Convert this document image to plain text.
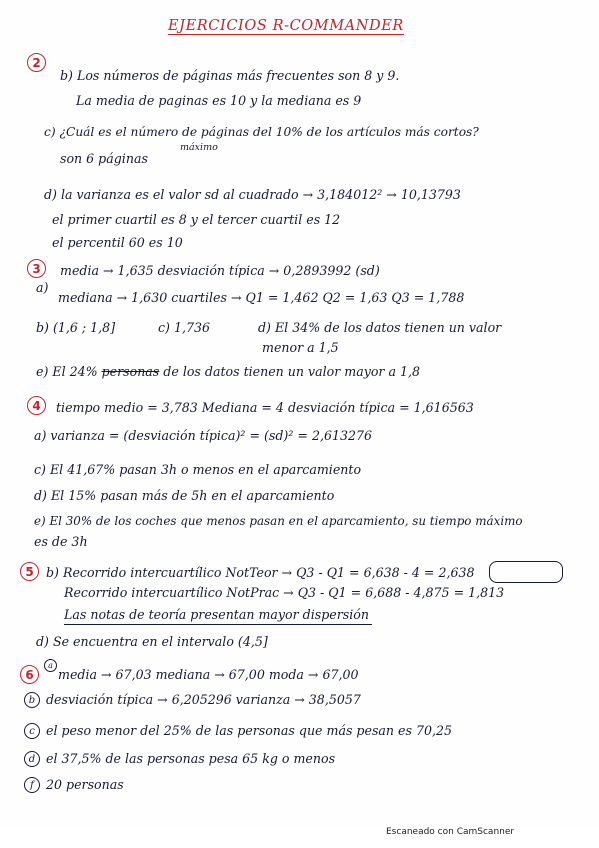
EJERCICIOS R-COMMANDER
2
b) Los números de páginas más frecuentes son 8 y 9.
La media de paginas es 10 y la mediana es 9
c) ¿Cuál es el número de páginas del 10% de los artículos más cortos?
máximo
son 6 páginas
d) la varianza es el valor sd al cuadrado → 3,184012² → 10,13793
el primer cuartil es 8 y el tercer cuartil es 12
el percentil 60 es 10
3	media → 1,635 desviación típica → 0,2893992 (sd)
a)
mediana → 1,630 cuartiles → Q1 = 1,462 Q2 = 1,63 Q3 = 1,788
b) (1,6 ; 1,8]	c) 1,736	d) El 34% de los datos tienen un valor
menor a 1,5
e) El 24% personas de los datos tienen un valor mayor a 1,8
4	tiempo medio = 3,783 Mediana = 4 desviación típica = 1,616563
a) varianza = (desviación típica)² = (sd)² = 2,613276
c) El 41,67% pasan 3h o menos en el aparcamiento
d) El 15% pasan más de 5h en el aparcamiento
e) El 30% de los coches que menos pasan en el aparcamiento, su tiempo máximo
es de 3h
5 b) Recorrido intercuartílico NotTeor → Q3 - Q1 = 6,638 - 4 = 2,638
Recorrido intercuartílico NotPrac → Q3 - Q1 = 6,688 - 4,875 = 1,813
Las notas de teoría presentan mayor dispersión
d) Se encuentra en el intervalo (4,5]
6
a
media → 67,03 mediana → 67,00 moda → 67,00
b desviación típica → 6,205296 varianza → 38,5057
c el peso menor del 25% de las personas que más pesan es 70,25
d el 37,5% de las personas pesa 65 kg o menos
f 20 personas
Escaneado con CamScanner
